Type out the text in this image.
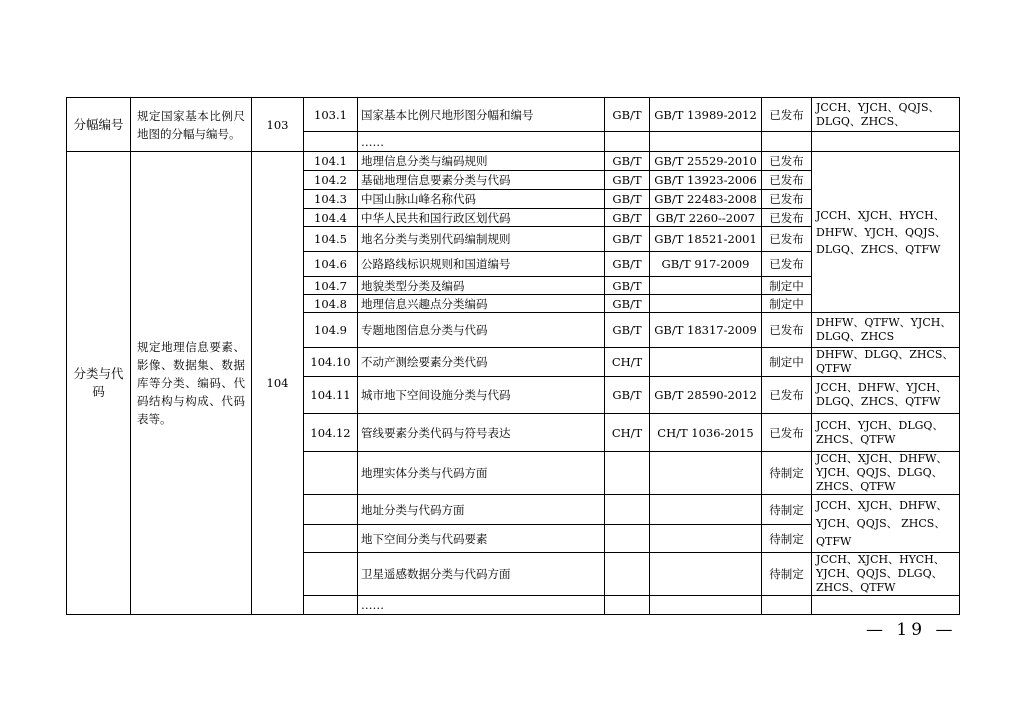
分幅编号	规定国家基本比例尺地图的分幅与编号。	103	103.1	国家基本比例尺地形图分幅和编号	GB/T	GB/T 13989-2012	已发布	JCCH、YJCH、QQJS、DLGQ、ZHCS、
				……				
分类与代码	规定地理信息要素、影像、数据集、数据库等分类、编码、代码结构与构成、代码表等。	104	104.1	地理信息分类与编码规则	GB/T	GB/T 25529-2010	已发布	JCCH、XJCH、HYCH、DHFW、YJCH、QQJS、DLGQ、ZHCS、QTFW
			104.2	基础地理信息要素分类与代码	GB/T	GB/T 13923-2006	已发布	
			104.3	中国山脉山峰名称代码	GB/T	GB/T 22483-2008	已发布	
			104.4	中华人民共和国行政区划代码	GB/T	GB/T 2260--2007	已发布	
			104.5	地名分类与类别代码编制规则	GB/T	GB/T 18521-2001	已发布	
			104.6	公路路线标识规则和国道编号	GB/T	GB/T 917-2009	已发布	
			104.7	地貌类型分类及编码	GB/T		制定中	
			104.8	地理信息兴趣点分类编码	GB/T		制定中	
			104.9	专题地图信息分类与代码	GB/T	GB/T 18317-2009	已发布	DHFW、QTFW、YJCH、DLGQ、ZHCS
			104.10	不动产测绘要素分类代码	CH/T		制定中	DHFW、DLGQ、ZHCS、QTFW
			104.11	城市地下空间设施分类与代码	GB/T	GB/T 28590-2012	已发布	JCCH、DHFW、YJCH、DLGQ、ZHCS、QTFW
			104.12	管线要素分类代码与符号表达	CH/T	CH/T 1036-2015	已发布	JCCH、YJCH、DLGQ、ZHCS、QTFW
				地理实体分类与代码方面			待制定	JCCH、XJCH、DHFW、YJCH、QQJS、DLGQ、ZHCS、QTFW
				地址分类与代码方面			待制定	JCCH、XJCH、DHFW、YJCH、QQJS、 ZHCS、 QTFW
				地下空间分类与代码要素			待制定	
				卫星遥感数据分类与代码方面			待制定	JCCH、XJCH、HYCH、YJCH、QQJS、DLGQ、ZHCS、QTFW
				……				
— 19 —
